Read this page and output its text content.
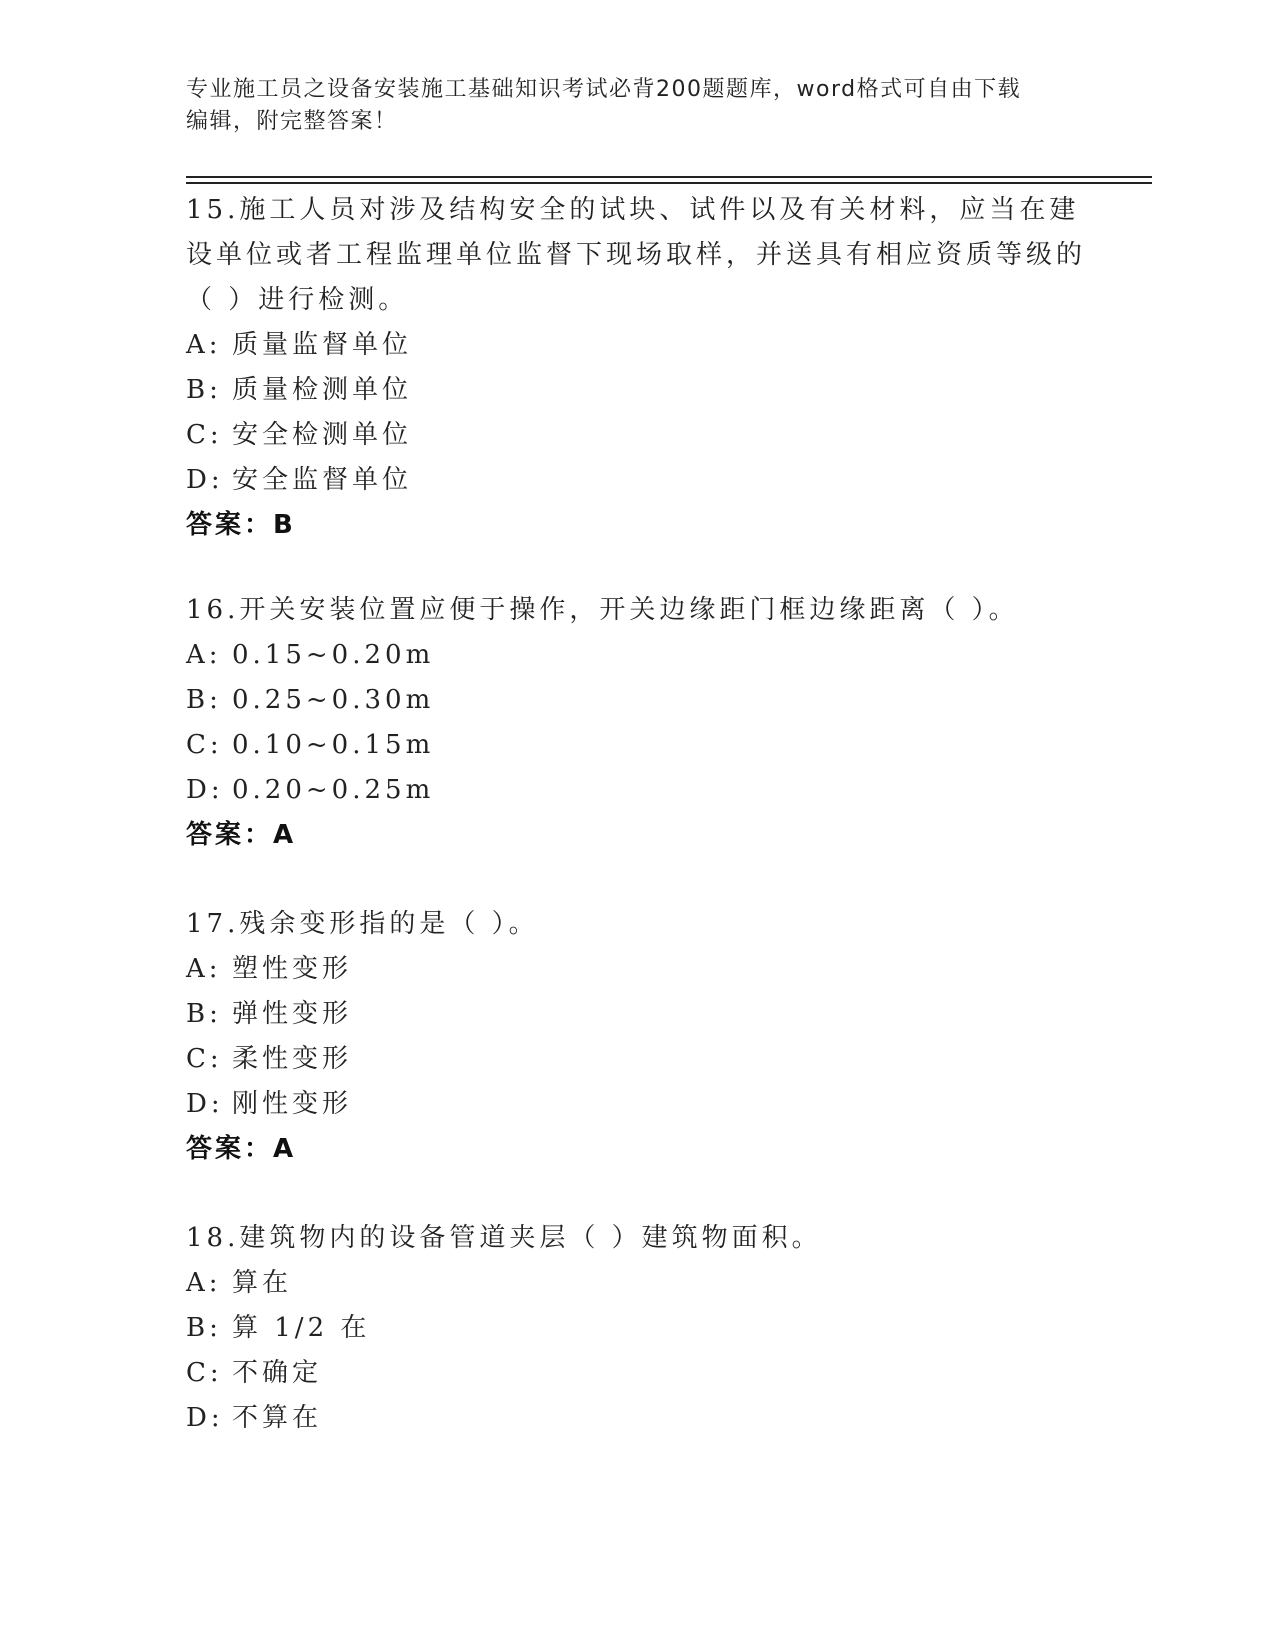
专业施工员之设备安装施工基础知识考试必背200题题库，word格式可自由下载
编辑，附完整答案！

15.施工人员对涉及结构安全的试块、试件以及有关材料，应当在建设单位或者工程监理单位监督下现场取样，并送具有相应资质等级的（ ）进行检测。

A: 质量监督单位
B: 质量检测单位
C: 安全检测单位
D: 安全监督单位
答案：B

16.开关安装位置应便于操作，开关边缘距门框边缘距离（ ）。

A: 0.15~0.20m
B: 0.25~0.30m
C: 0.10~0.15m
D: 0.20~0.25m
答案：A

17.残余变形指的是（ ）。

A: 塑性变形
B: 弹性变形
C: 柔性变形
D: 刚性变形
答案：A

18.建筑物内的设备管道夹层（ ）建筑物面积。

A: 算在
B: 算 1/2 在
C: 不确定
D: 不算在
